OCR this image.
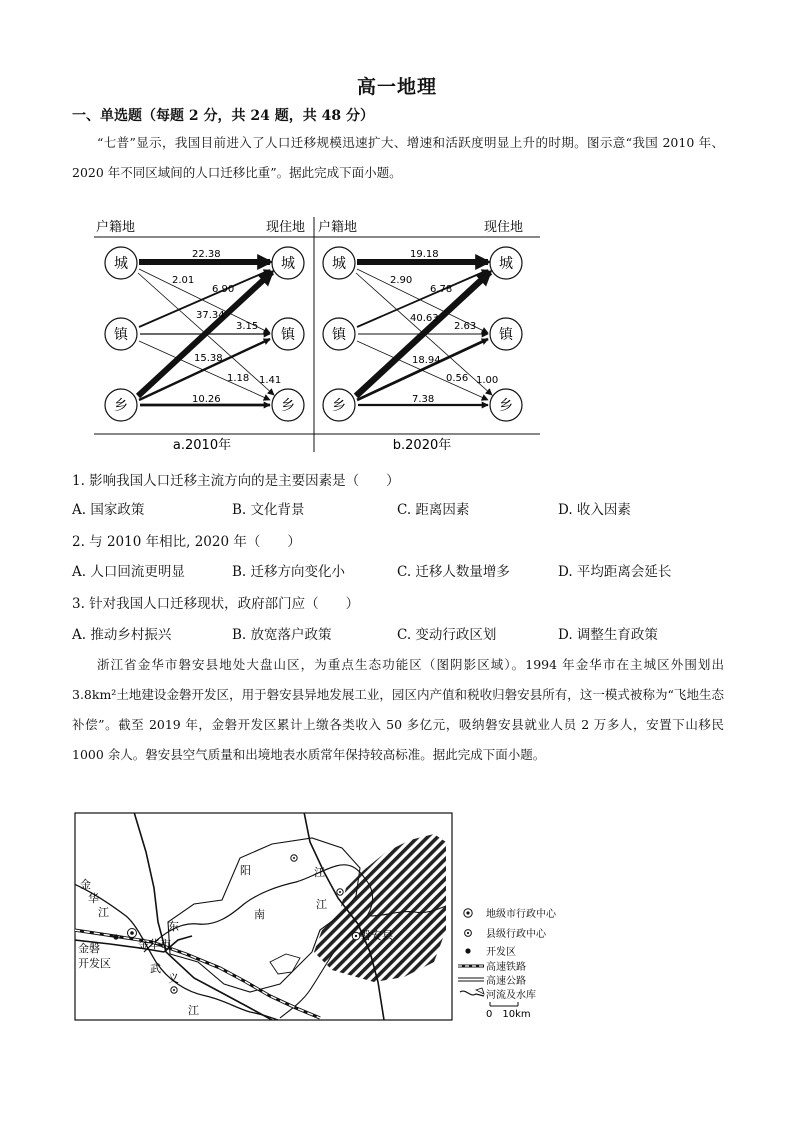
高一地理
一、单选题（每题 2 分，共 24 题，共 48 分）
“七普”显示，我国目前进入了人口迁移规模迅速扩大、增速和活跃度明显上升的时期。图示意“我国 2010 年、2020 年不同区域间的人口迁移比重”。据此完成下面小题。
户籍地	现住地 户籍地	现住地
22.38
2.01
6.90
37.34
3.15
15.38
1.18 1.41
10.26
城
镇
乡
城
镇
乡
a.2010年
19.18
2.90
6.78
40.63
2.63
18.94
0.56 1.00
7.38
城
镇
乡
城
镇
乡
b.2020年
1. 影响我国人口迁移主流方向的是主要因素是（　　）
A. 国家政策	B. 文化背景	C. 距离因素	D. 收入因素
2. 与 2010 年相比, 2020 年（　　）
A. 人口回流更明显	B. 迁移方向变化小	C. 迁移人数量增多	D. 平均距离会延长
3. 针对我国人口迁移现状，政府部门应（　　）
A. 推动乡村振兴	B. 放宽落户政策	C. 变动行政区划	D. 调整生育政策
浙江省金华市磐安县地处大盘山区，为重点生态功能区（图阴影区域）。1994 年金华市在主城区外围划出 3.8km²土地建设金磐开发区，用于磐安县异地发展工业，园区内产值和税收归磐安县所有，这一模式被称为“飞地生态补偿”。截至 2019 年，金磐开发区累计上缴各类收入 50 多亿元，吸纳磐安县就业人员 2 万多人，安置下山移民 1000 余人。磐安县空气质量和出境地表水质常年保持较高标准。据此完成下面小题。
金
华
江
东
阳	江
南
江
武
义
江
金华市
磐安县
金磐
开发区
地级市行政中心
县级行政中心
开发区
高速铁路
高速公路
河流及水库
0　10km
